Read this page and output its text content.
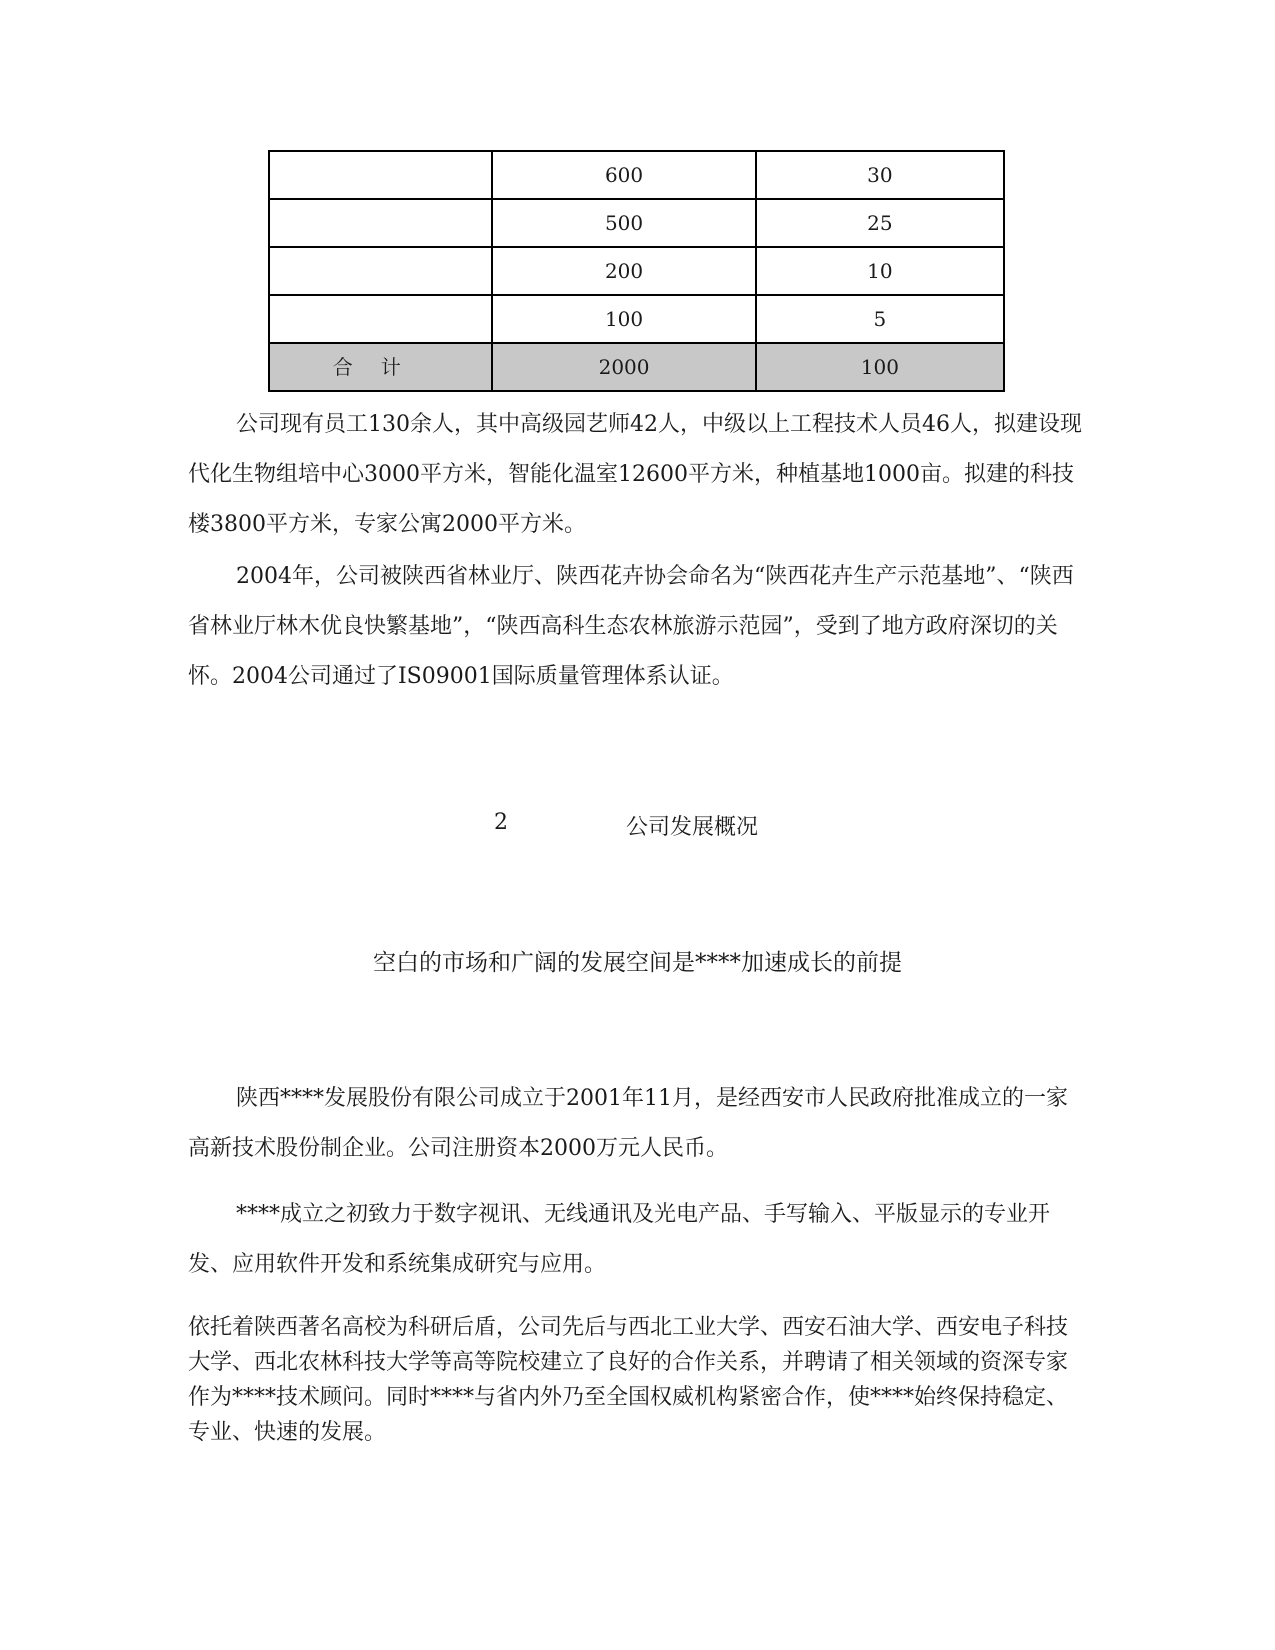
	600	30
	500	25
	200	10
	100	5
合计	2000	100

公司现有员工130余人，其中高级园艺师42人，中级以上工程技术人员46人，拟建设现代化生物组培中心3000平方米，智能化温室12600平方米，种植基地1000亩。拟建的科技楼3800平方米，专家公寓2000平方米。

2004年，公司被陕西省林业厅、陕西花卉协会命名为“陕西花卉生产示范基地”、“陕西省林业厅林木优良快繁基地”，“陕西高科生态农林旅游示范园”，受到了地方政府深切的关怀。2004公司通过了IS09001国际质量管理体系认证。

2	公司发展概况
空白的市场和广阔的发展空间是****加速成长的前提

陕西****发展股份有限公司成立于2001年11月，是经西安市人民政府批准成立的一家高新技术股份制企业。公司注册资本2000万元人民币。

****成立之初致力于数字视讯、无线通讯及光电产品、手写输入、平版显示的专业开发、应用软件开发和系统集成研究与应用。

依托着陕西著名高校为科研后盾，公司先后与西北工业大学、西安石油大学、西安电子科技大学、西北农林科技大学等高等院校建立了良好的合作关系，并聘请了相关领域的资深专家作为****技术顾问。同时****与省内外乃至全国权威机构紧密合作，使****始终保持稳定、专业、快速的发展。
